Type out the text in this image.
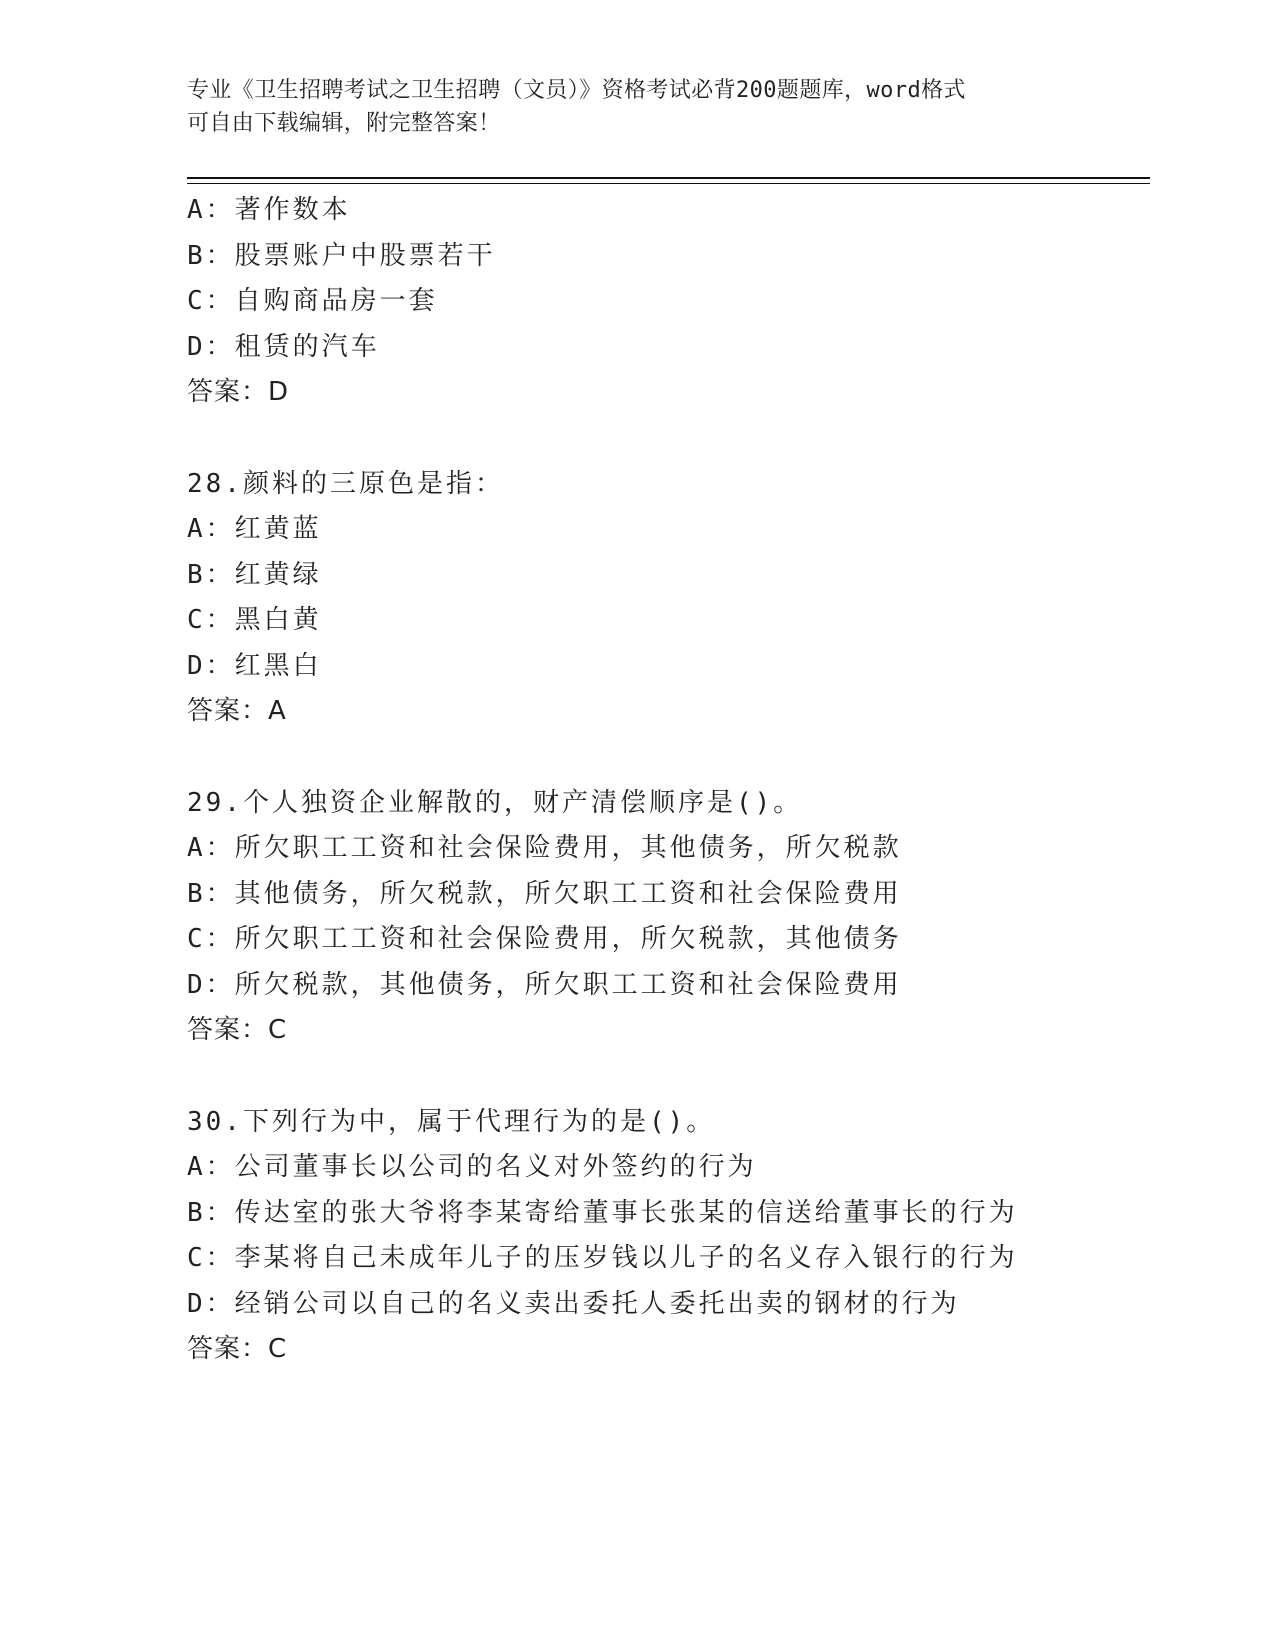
专业《卫生招聘考试之卫生招聘（文员）》资格考试必背200题题库，word格式
可自由下载编辑，附完整答案！
A：著作数本
B：股票账户中股票若干
C：自购商品房一套
D：租赁的汽车
答案：D
28.颜料的三原色是指：
A：红黄蓝
B：红黄绿
C：黑白黄
D：红黑白
答案：A
29.个人独资企业解散的，财产清偿顺序是()。
A：所欠职工工资和社会保险费用，其他债务，所欠税款
B：其他债务，所欠税款，所欠职工工资和社会保险费用
C：所欠职工工资和社会保险费用，所欠税款，其他债务
D：所欠税款，其他债务，所欠职工工资和社会保险费用
答案：C
30.下列行为中，属于代理行为的是()。
A：公司董事长以公司的名义对外签约的行为
B：传达室的张大爷将李某寄给董事长张某的信送给董事长的行为
C：李某将自己未成年儿子的压岁钱以儿子的名义存入银行的行为
D：经销公司以自己的名义卖出委托人委托出卖的钢材的行为
答案：C
